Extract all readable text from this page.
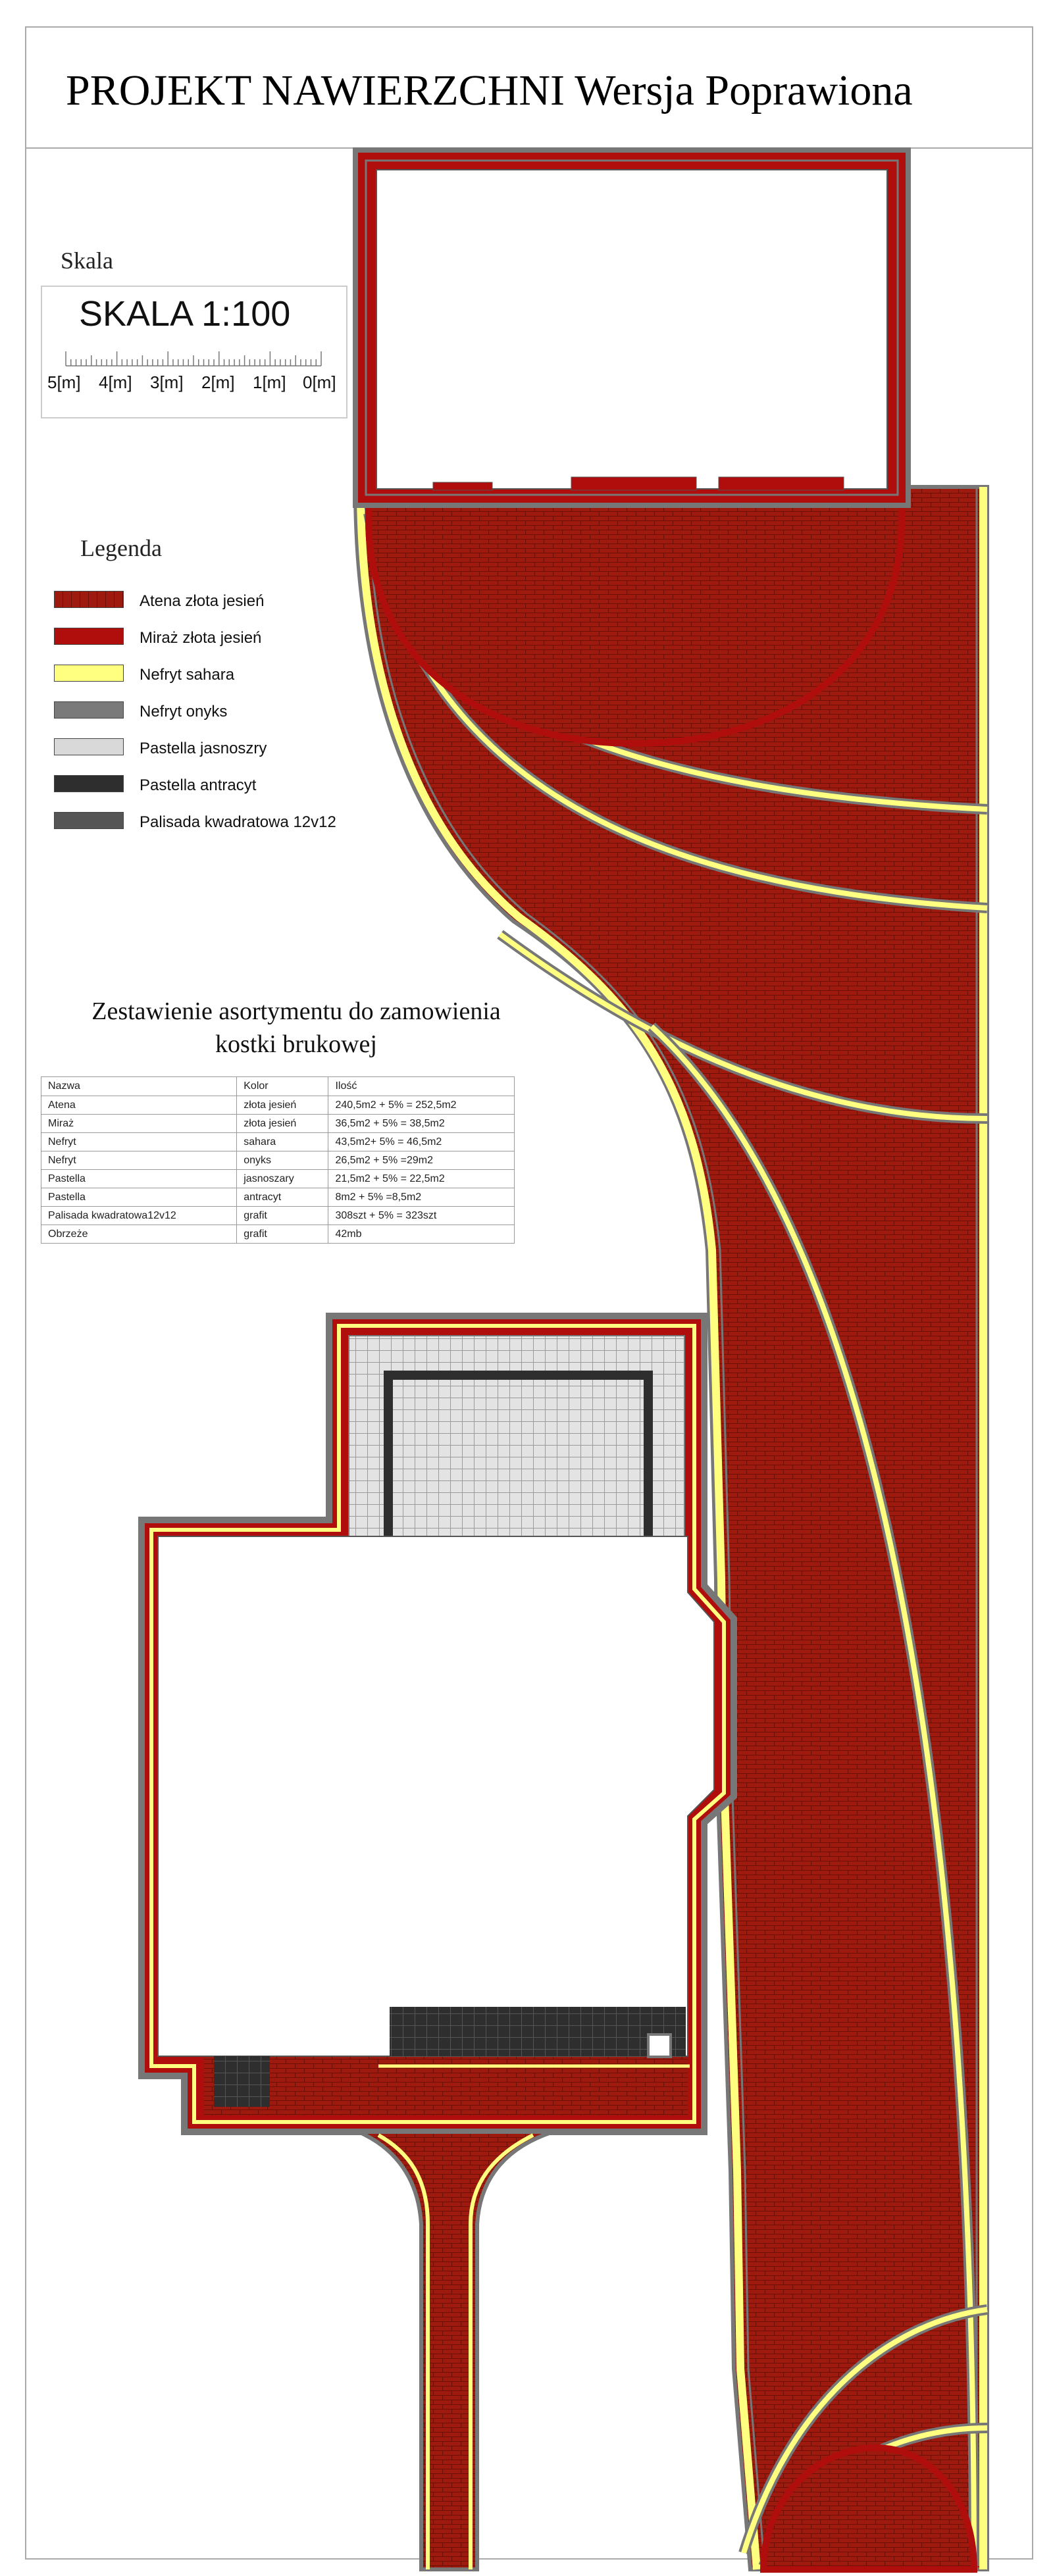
PROJEKT NAWIERZCHNI Wersja Poprawiona
Skala
SKALA 1:100
5[m] 4[m] 3[m] 2[m] 1[m] 0[m]
Legenda
Atena złota jesień
Miraż złota jesień
Nefryt sahara
Nefryt onyks
Pastella jasnoszry
Pastella antracyt
Palisada kwadratowa 12v12
Zestawienie asortymentu do zamowienia
kostki brukowej
Nazwa	Kolor	Ilość
Atena	złota jesień	240,5m2 + 5% = 252,5m2
Miraż	złota jesień	36,5m2 + 5% = 38,5m2
Nefryt	sahara	43,5m2+ 5% = 46,5m2
Nefryt	onyks	26,5m2 + 5% =29m2
Pastella	jasnoszary	21,5m2 + 5% = 22,5m2
Pastella	antracyt	8m2 + 5% =8,5m2
Palisada kwadratowa12v12	grafit	308szt + 5% = 323szt
Obrzeże	grafit	42mb
